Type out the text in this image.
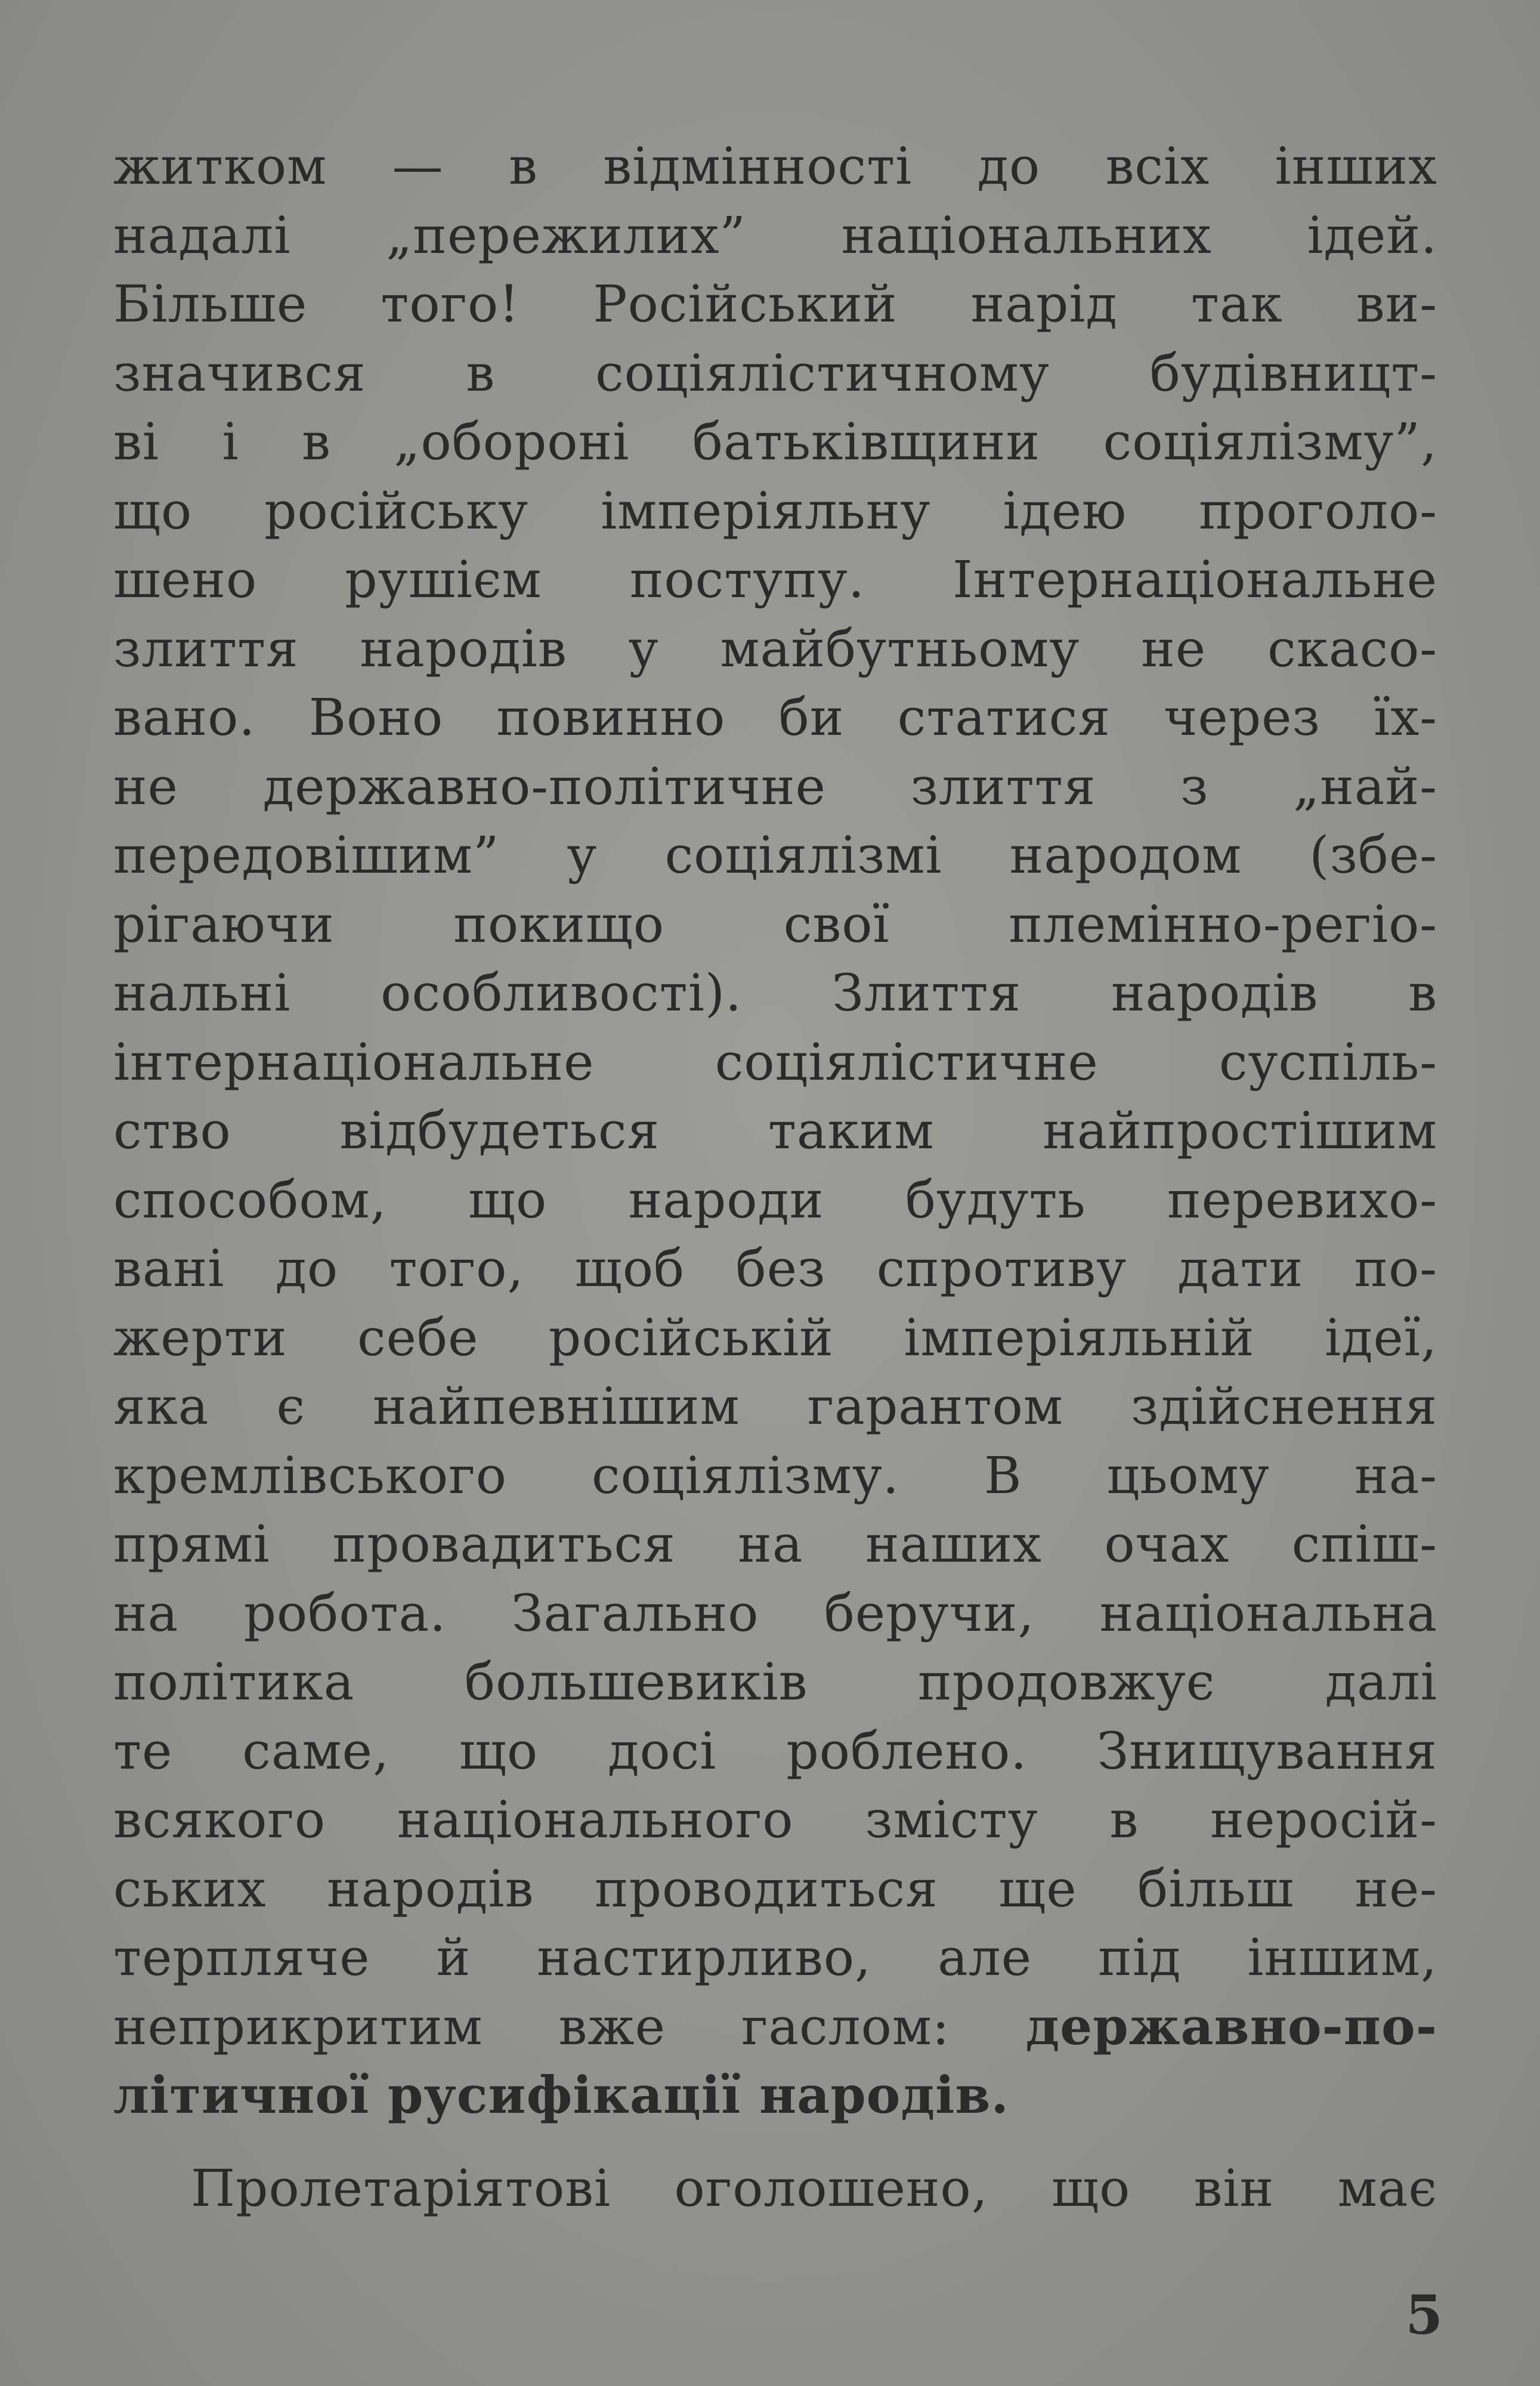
житком — в відмінності до всіх інших
надалі „пережилих” національних ідей.
Більше того! Російський нарід так ви-
значився в соціялістичному будівницт-
ві і в „обороні батьківщини соціялізму”,
що російську імперіяльну ідею проголо-
шено рушієм поступу. Інтернаціональне
злиття народів у майбутньому не скасо-
вано. Воно повинно би статися через їх-
не державно-політичне злиття з „най-
передовішим” у соціялізмі народом (збе-
рігаючи покищо свої племінно-регіо-
нальні особливості). Злиття народів в
інтернаціональне соціялістичне суспіль-
ство відбудеться таким найпростішим
способом, що народи будуть перевихо-
вані до того, щоб без спротиву дати по-
жерти себе російській імперіяльній ідеї,
яка є найпевнішим гарантом здійснення
кремлівського соціялізму. В цьому на-
прямі провадиться на наших очах спіш-
на робота. Загально беручи, національна
політика большевиків продовжує далі
те саме, що досі роблено. Знищування
всякого національного змісту в неросій-
ських народів проводиться ще більш не-
терпляче й настирливо, але під іншим,
неприкритим вже гаслом: державно-по-
літичної русифікації народів.
Пролетаріятові оголошено, що він має
5
